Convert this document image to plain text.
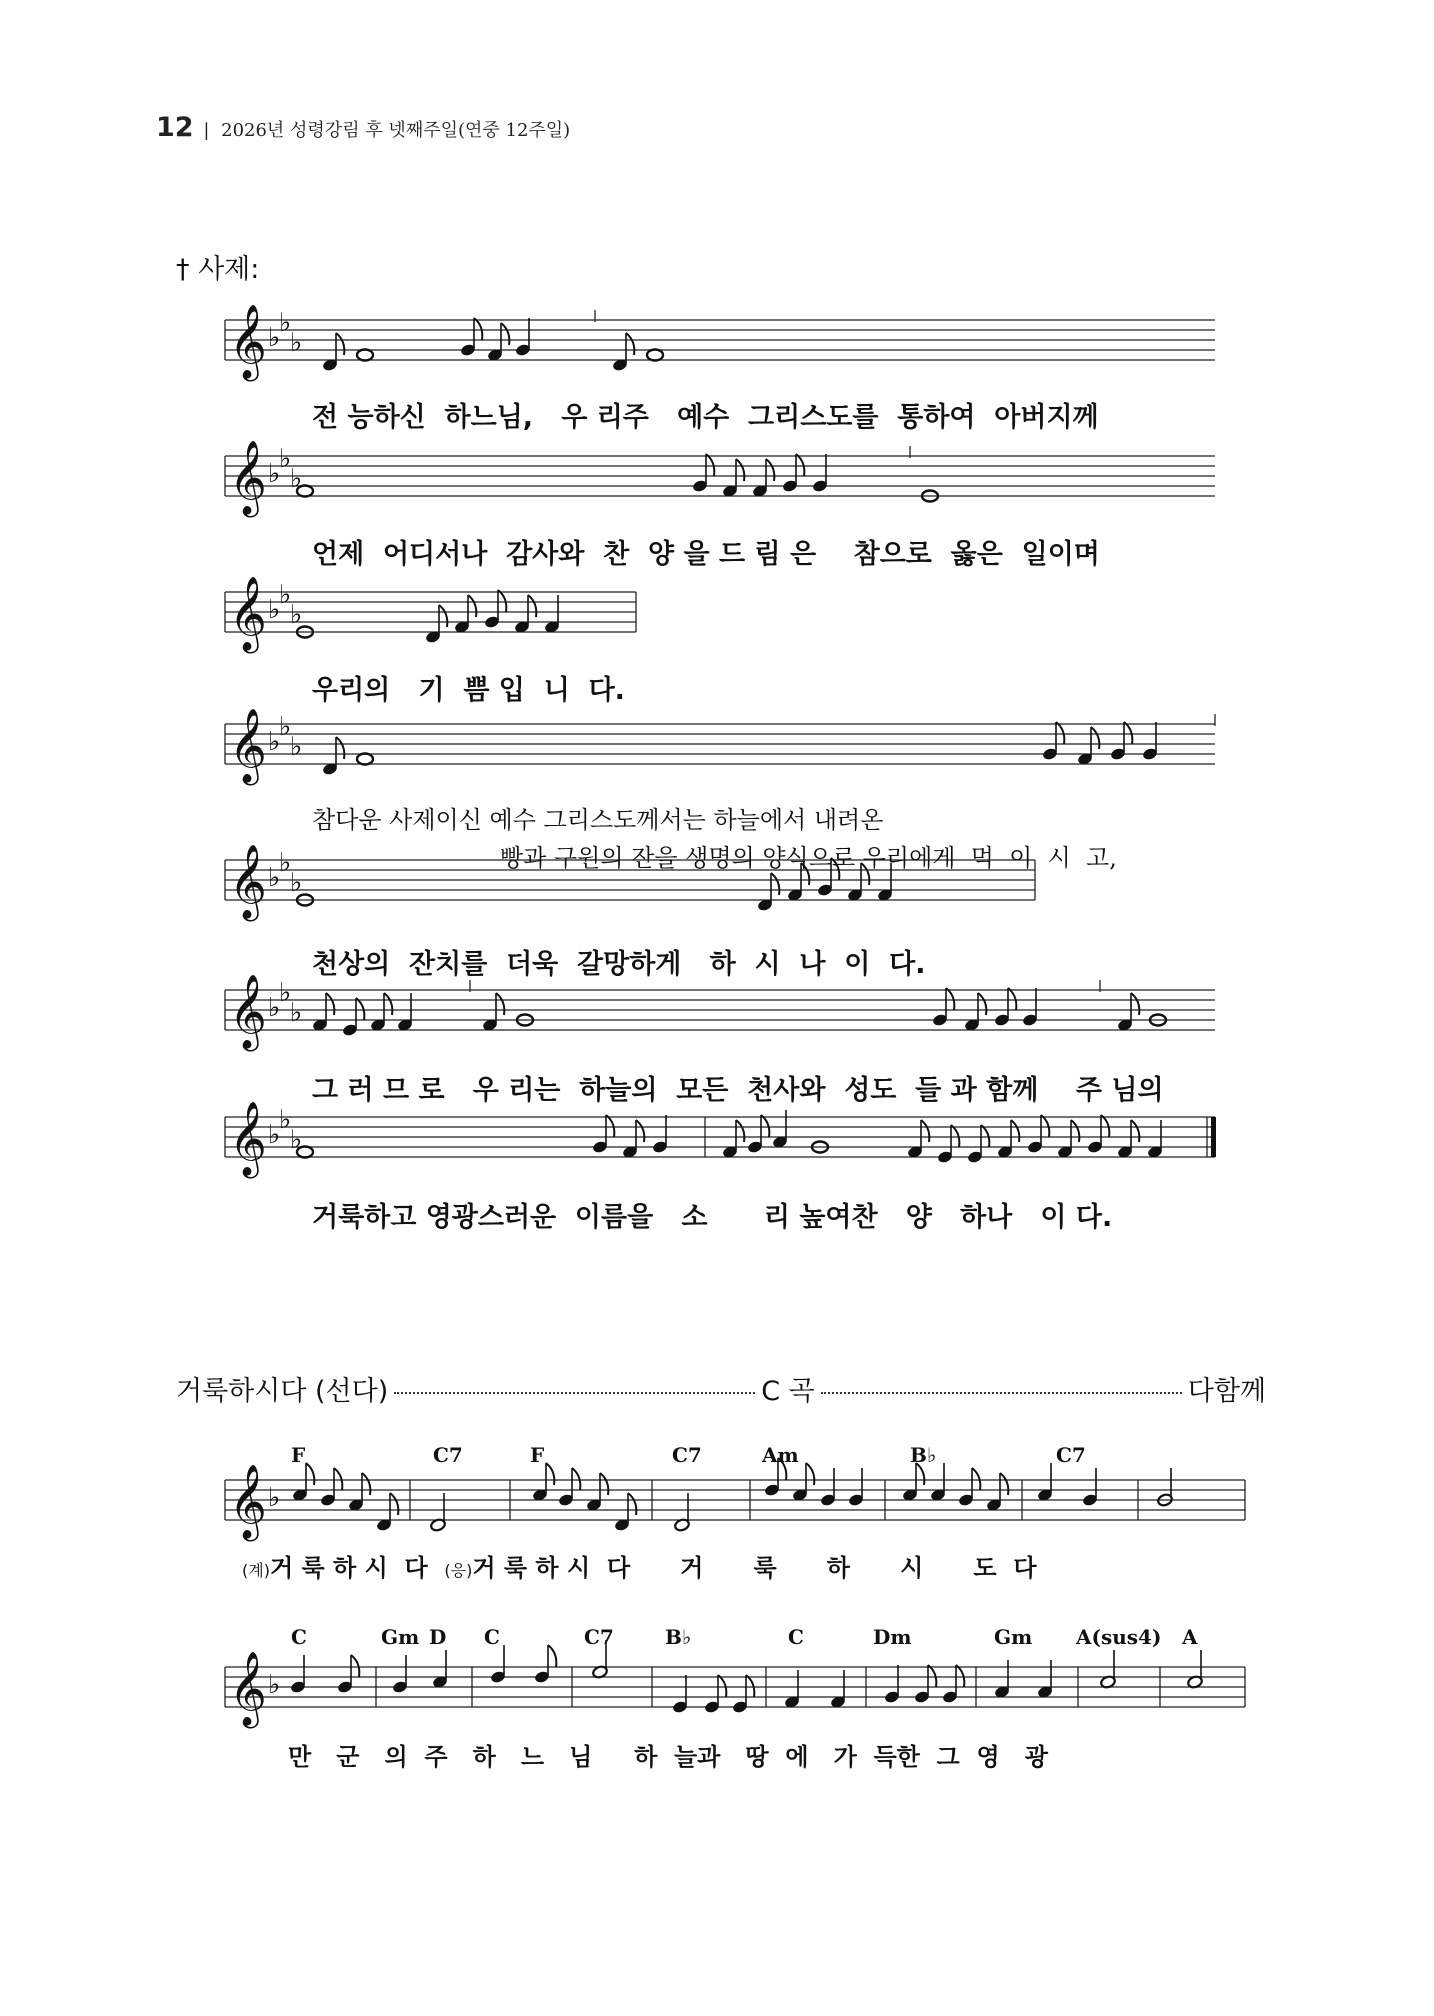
12 | 2026년 성령강림 후 넷째주일(연중 12주일)
† 사제:
𝄞 ♭
♭
♭
𝄞 ♭
♭
♭
𝄞 ♭
♭
♭
𝄞 ♭
♭
♭
𝄞 ♭
♭
♭
𝄞 ♭
♭
♭
𝄞 ♭
♭
♭
𝄞 ♭
𝄞 ♭
전 능하신  하느님,   우 리주   예수  그리스도를  통하여  아버지께
언제  어디서나  감사와  찬  양 을 드 림 은    참으로  옳은  일이며
우리의   기  쁨 입  니  다.
참다운 사제이신 예수 그리스도께서는 하늘에서 내려온
빵과 구원의 잔을 생명의 양식으로 우리에게  먹  이  시  고,
천상의  잔치를  더욱  갈망하게   하  시  나  이  다.
그 러 므 로   우 리는  하늘의  모든  천사와  성도  들 과 함께    주 님의
거룩하고 영광스러운  이름을   소      리 높여찬   양   하나   이 다.
거룩하시다 (선다)	C 곡	다함께
F	C7	F	C7	Am	B♭	C7
(계)거 룩 하 시  다 (응)거 룩 하 시  다      거      룩      하      시      도  다
C	Gm D C	C7	B♭	C	Dm	Gm A(sus4) A
만   군   의  주   하   느   님     하  늘과   땅  에   가  득한  그  영   광
